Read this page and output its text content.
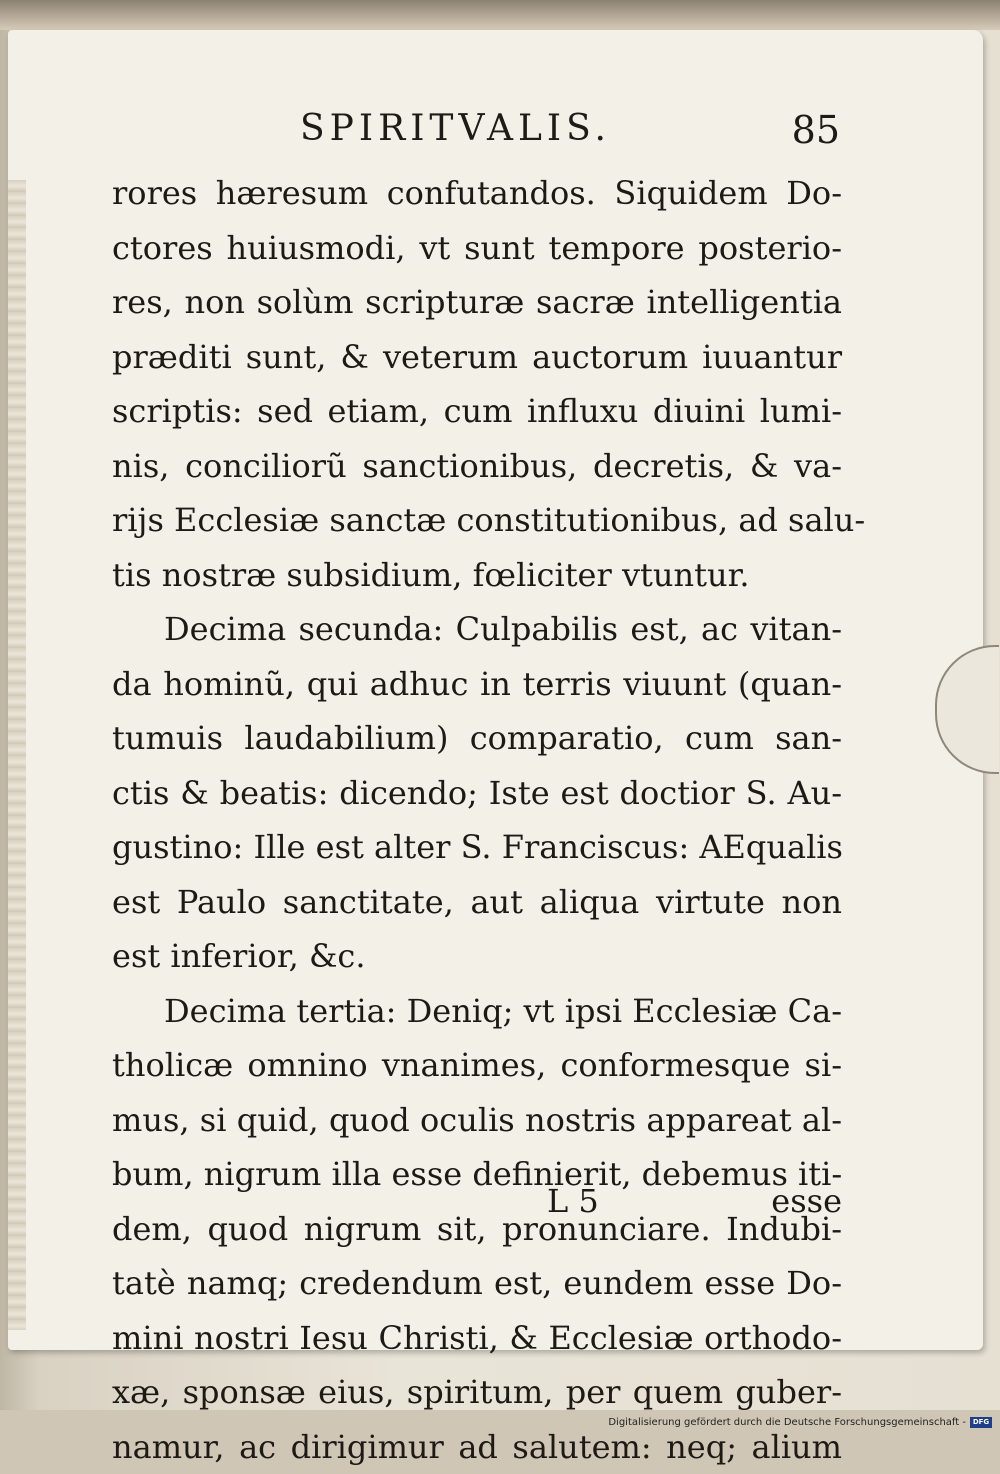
SPIRITVALIS.	85
rores hæresum confutandos. Siquidem Do-
ctores huiusmodi, vt sunt tempore posterio-
res, non solùm scripturæ sacræ intelligentia
præditi sunt, & veterum auctorum iuuantur
scriptis: sed etiam, cum influxu diuini lumi-
nis, conciliorũ sanctionibus, decretis, & va-
rijs Ecclesiæ sanctæ constitutionibus, ad salu-
tis nostræ subsidium, fœliciter vtuntur.
Decima secunda: Culpabilis est, ac vitan-
da hominũ, qui adhuc in terris viuunt (quan-
tumuis laudabilium) comparatio, cum san-
ctis & beatis: dicendo; Iste est doctior S. Au-
gustino: Ille est alter S. Franciscus: AEqualis
est Paulo sanctitate, aut aliqua virtute non
est inferior, &c.
Decima tertia: Deniq; vt ipsi Ecclesiæ Ca-
tholicæ omnino vnanimes, conformesque si-
mus, si quid, quod oculis nostris appareat al-
bum, nigrum illa esse definierit, debemus iti-
dem, quod nigrum sit, pronunciare. Indubi-
tatè namq; credendum est, eundem esse Do-
mini nostri Iesu Christi, & Ecclesiæ orthodo-
xæ, sponsæ eius, spiritum, per quem guber-
namur, ac dirigimur ad salutem: neq; alium
L 5	esse
Digitalisierung gefördert durch die Deutsche Forschungsgemeinschaft - DFG
